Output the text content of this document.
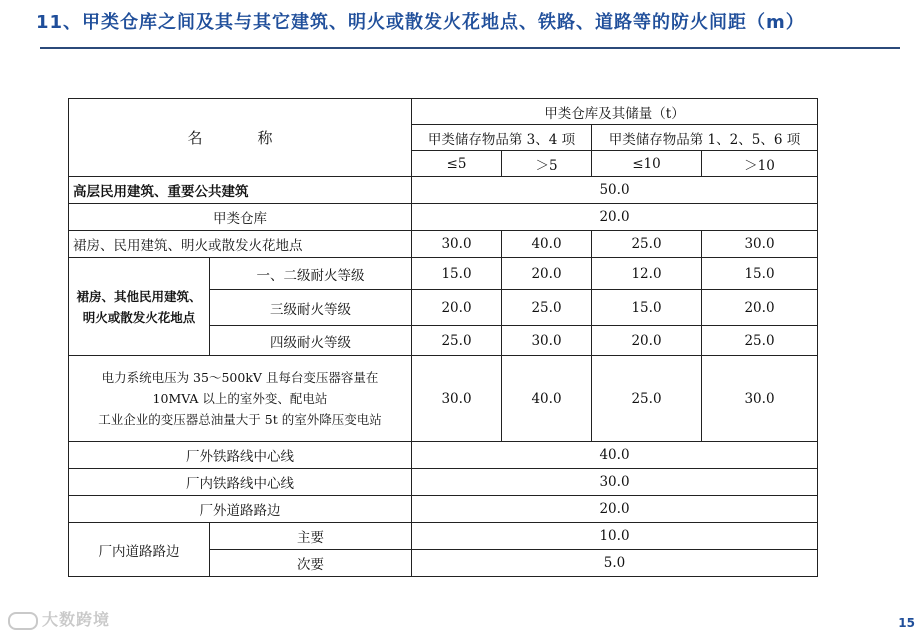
11、甲类仓库之间及其与其它建筑、明火或散发火花地点、铁路、道路等的防火间距（m）
名　称		甲类仓库及其储量（t）			
		甲类储存物品第 3、4 项		甲类储存物品第 1、2、5、6 项	
		≤5	＞5	≤10	＞10
高层民用建筑、重要公共建筑		50.0			
甲类仓库		20.0			
裙房、民用建筑、明火或散发火花地点		30.0	40.0	25.0	30.0

裙房、其他民用建筑、
明火或散发火花地点	一、二级耐火等级	15.0	20.0	12.0	15.0
	三级耐火等级	20.0	25.0	15.0	20.0
	四级耐火等级	25.0	30.0	20.0	25.0

电力系统电压为 35～500kV 且每台变压器容量在
10MVA 以上的室外变、配电站
工业企业的变压器总油量大于 5t 的室外降压变电站		30.0	40.0	25.0	30.0
厂外铁路线中心线		40.0			
厂内铁路线中心线		30.0			
厂外道路路边		20.0			
厂内道路路边	主要	10.0			
	次要	5.0			
大数跨境	15
